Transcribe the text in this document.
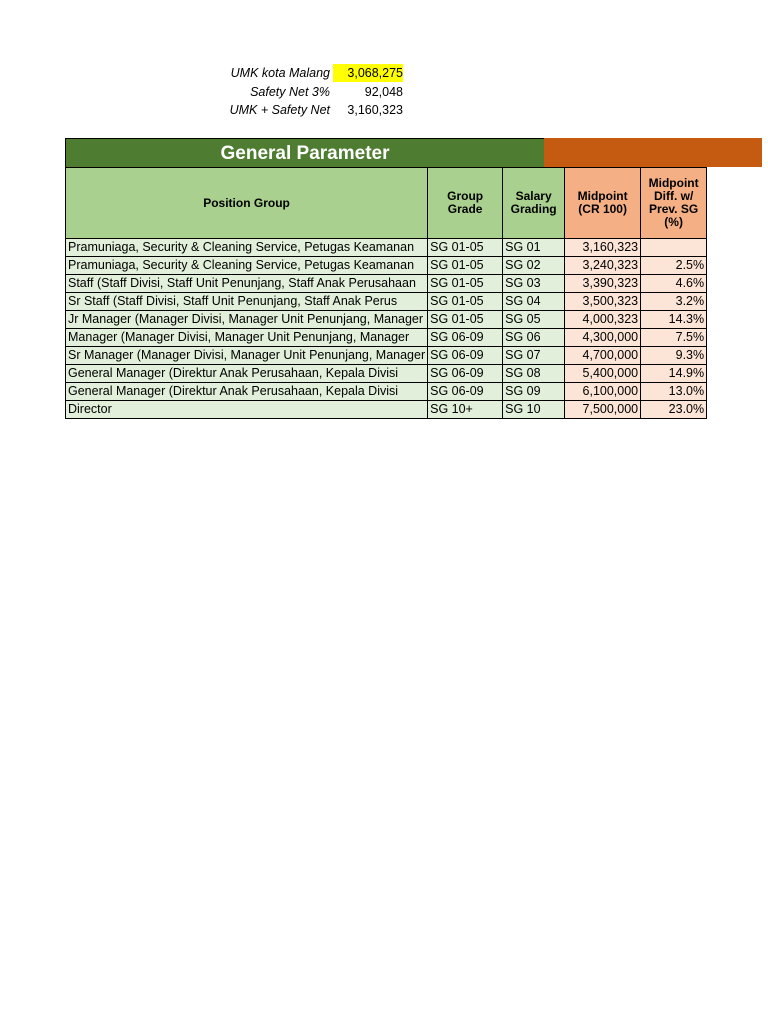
UMK kota Malang	3,068,275
Safety Net 3%	92,048
UMK + Safety Net	3,160,323
General Parameter
Position Group	Group Grade	Salary Grading	Midpoint (CR 100)	Midpoint Diff. w/ Prev. SG (%)
Pramuniaga, Security & Cleaning Service, Petugas Keamanan	SG 01-05	SG 01	3,160,323	
Pramuniaga, Security & Cleaning Service, Petugas Keamanan	SG 01-05	SG 02	3,240,323	2.5%
Staff (Staff Divisi, Staff Unit Penunjang, Staff Anak Perusahaan	SG 01-05	SG 03	3,390,323	4.6%
Sr Staff (Staff Divisi, Staff Unit Penunjang, Staff Anak Perus	SG 01-05	SG 04	3,500,323	3.2%
Jr Manager (Manager Divisi, Manager Unit Penunjang, Manager	SG 01-05	SG 05	4,000,323	14.3%
Manager (Manager Divisi, Manager Unit Penunjang, Manager	SG 06-09	SG 06	4,300,000	7.5%
Sr Manager (Manager Divisi, Manager Unit Penunjang, Manager	SG 06-09	SG 07	4,700,000	9.3%
General Manager (Direktur Anak Perusahaan, Kepala Divisi	SG 06-09	SG 08	5,400,000	14.9%
General Manager (Direktur Anak Perusahaan, Kepala Divisi	SG 06-09	SG 09	6,100,000	13.0%
Director	SG 10+	SG 10	7,500,000	23.0%
